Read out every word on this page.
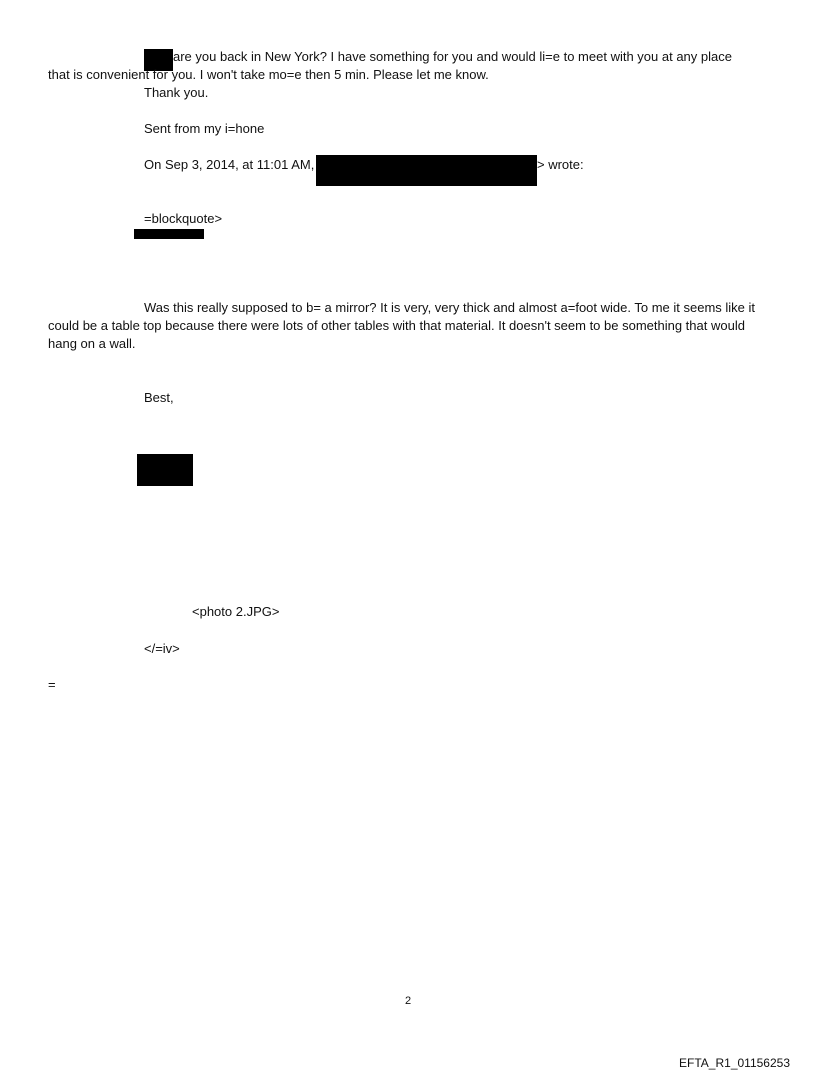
are you back in New York? I have something for you and would li=e to meet with you at any place
that is convenient for you. I won't take mo=e then 5 min. Please let me know.
Thank you.
Sent from my i=hone
On Sep 3, 2014, at 11:01 AM,	> wrote:
=blockquote>
Was this really supposed to b= a mirror? It is very, very thick and almost a=foot wide. To me it seems like it could be a table top because there were lots of other tables with that material. It doesn't seem to be something that would hang on a wall.
Best,
<photo 2.JPG>
</=iv>
=
2
EFTA_R1_01156253
